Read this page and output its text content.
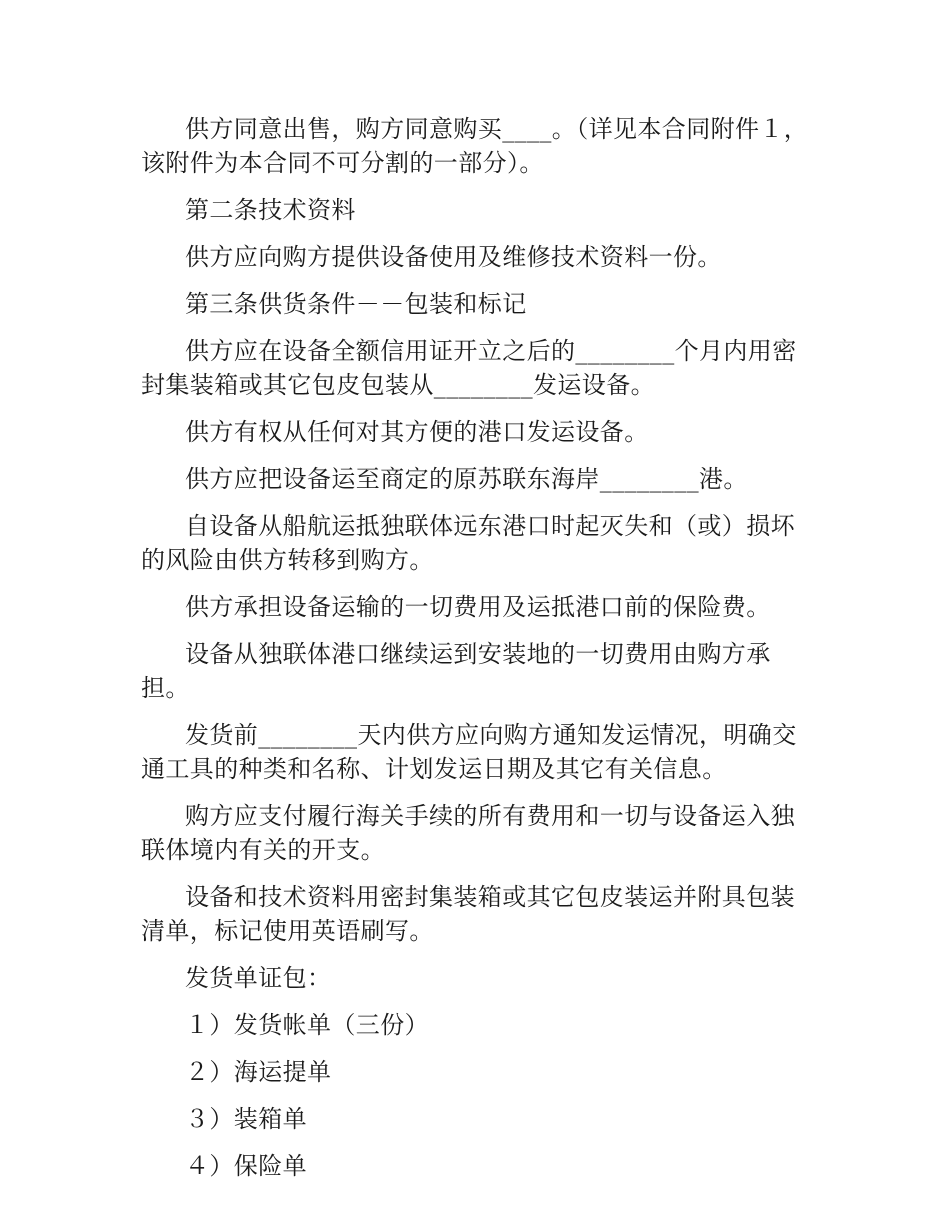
供方同意出售，购方同意购买____。（详见本合同附件１，该附件为本合同不可分割的一部分）。

第二条技术资料

供方应向购方提供设备使用及维修技术资料一份。

第三条供货条件－－包装和标记

供方应在设备全额信用证开立之后的________个月内用密封集装箱或其它包皮包装从________发运设备。

供方有权从任何对其方便的港口发运设备。

供方应把设备运至商定的原苏联东海岸________港。

自设备从船航运抵独联体远东港口时起灭失和（或）损坏的风险由供方转移到购方。

供方承担设备运输的一切费用及运抵港口前的保险费。

设备从独联体港口继续运到安装地的一切费用由购方承担。

发货前________天内供方应向购方通知发运情况，明确交通工具的种类和名称、计划发运日期及其它有关信息。

购方应支付履行海关手续的所有费用和一切与设备运入独联体境内有关的开支。

设备和技术资料用密封集装箱或其它包皮装运并附具包装清单，标记使用英语刷写。

发货单证包：

１）发货帐单（三份）
２）海运提单
３）装箱单
４）保险单
